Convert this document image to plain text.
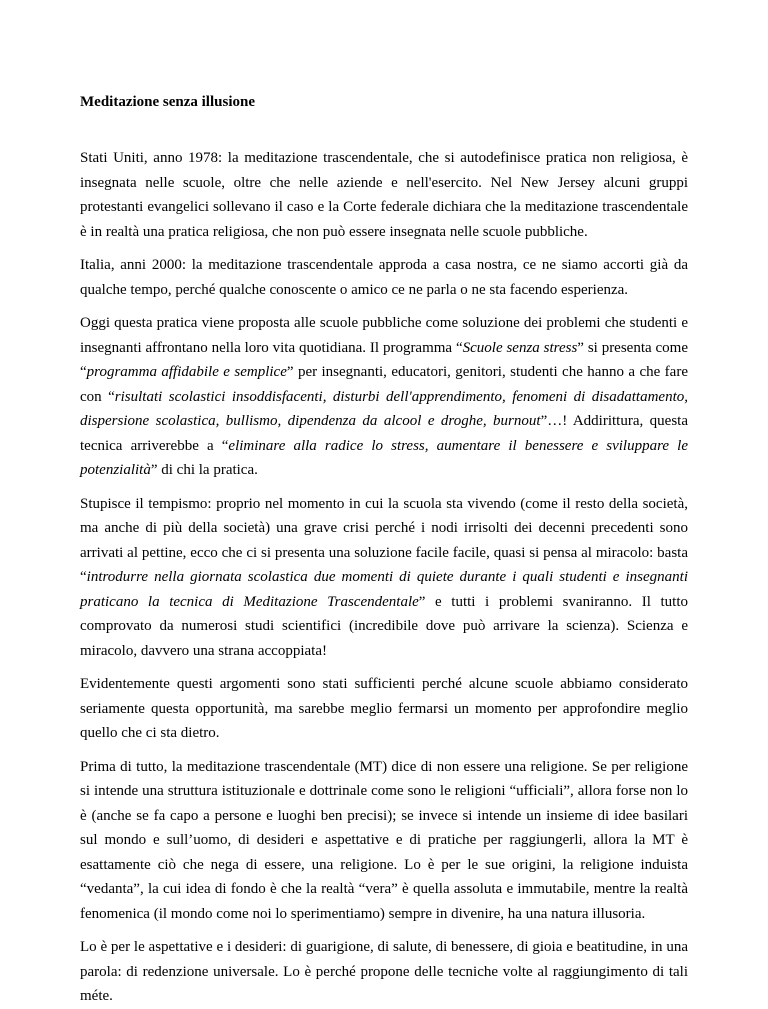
Meditazione senza illusione

Stati Uniti, anno 1978: la meditazione trascendentale, che si autodefinisce pratica non religiosa, è insegnata nelle scuole, oltre che nelle aziende e nell'esercito. Nel New Jersey alcuni gruppi protestanti evangelici sollevano il caso e la Corte federale dichiara che la meditazione trascendentale è in realtà una pratica religiosa, che non può essere insegnata nelle scuole pubbliche.

Italia, anni 2000: la meditazione trascendentale approda a casa nostra, ce ne siamo accorti già da qualche tempo, perché qualche conoscente o amico ce ne parla o ne sta facendo esperienza.

Oggi questa pratica viene proposta alle scuole pubbliche come soluzione dei problemi che studenti e insegnanti affrontano nella loro vita quotidiana. Il programma “Scuole senza stress” si presenta come “programma affidabile e semplice” per insegnanti, educatori, genitori, studenti che hanno a che fare con “risultati scolastici insoddisfacenti, disturbi dell'apprendimento, fenomeni di disadattamento, dispersione scolastica, bullismo, dipendenza da alcool e droghe, burnout”…! Addirittura, questa tecnica arriverebbe a “eliminare alla radice lo stress, aumentare il benessere e sviluppare le potenzialità” di chi la pratica.

Stupisce il tempismo: proprio nel momento in cui la scuola sta vivendo (come il resto della società, ma anche di più della società) una grave crisi perché i nodi irrisolti dei decenni precedenti sono arrivati al pettine, ecco che ci si presenta una soluzione facile facile, quasi si pensa al miracolo: basta “introdurre nella giornata scolastica due momenti di quiete durante i quali studenti e insegnanti praticano la tecnica di Meditazione Trascendentale” e tutti i problemi svaniranno. Il tutto comprovato da numerosi studi scientifici (incredibile dove può arrivare la scienza). Scienza e miracolo, davvero una strana accoppiata!

Evidentemente questi argomenti sono stati sufficienti perché alcune scuole abbiamo considerato seriamente questa opportunità, ma sarebbe meglio fermarsi un momento per approfondire meglio quello che ci sta dietro.

Prima di tutto, la meditazione trascendentale (MT) dice di non essere una religione. Se per religione si intende una struttura istituzionale e dottrinale come sono le religioni “ufficiali”, allora forse non lo è (anche se fa capo a persone e luoghi ben precisi); se invece si intende un insieme di idee basilari sul mondo e sull’uomo, di desideri e aspettative e di pratiche per raggiungerli, allora la MT è esattamente ciò che nega di essere, una religione. Lo è per le sue origini, la religione induista “vedanta”, la cui idea di fondo è che la realtà “vera” è quella assoluta e immutabile, mentre la realtà fenomenica (il mondo come noi lo sperimentiamo) sempre in divenire, ha una natura illusoria.

Lo è per le aspettative e i desideri: di guarigione, di salute, di benessere, di gioia e beatitudine, in una parola: di redenzione universale. Lo è perché propone delle tecniche volte al raggiungimento di tali méte.
